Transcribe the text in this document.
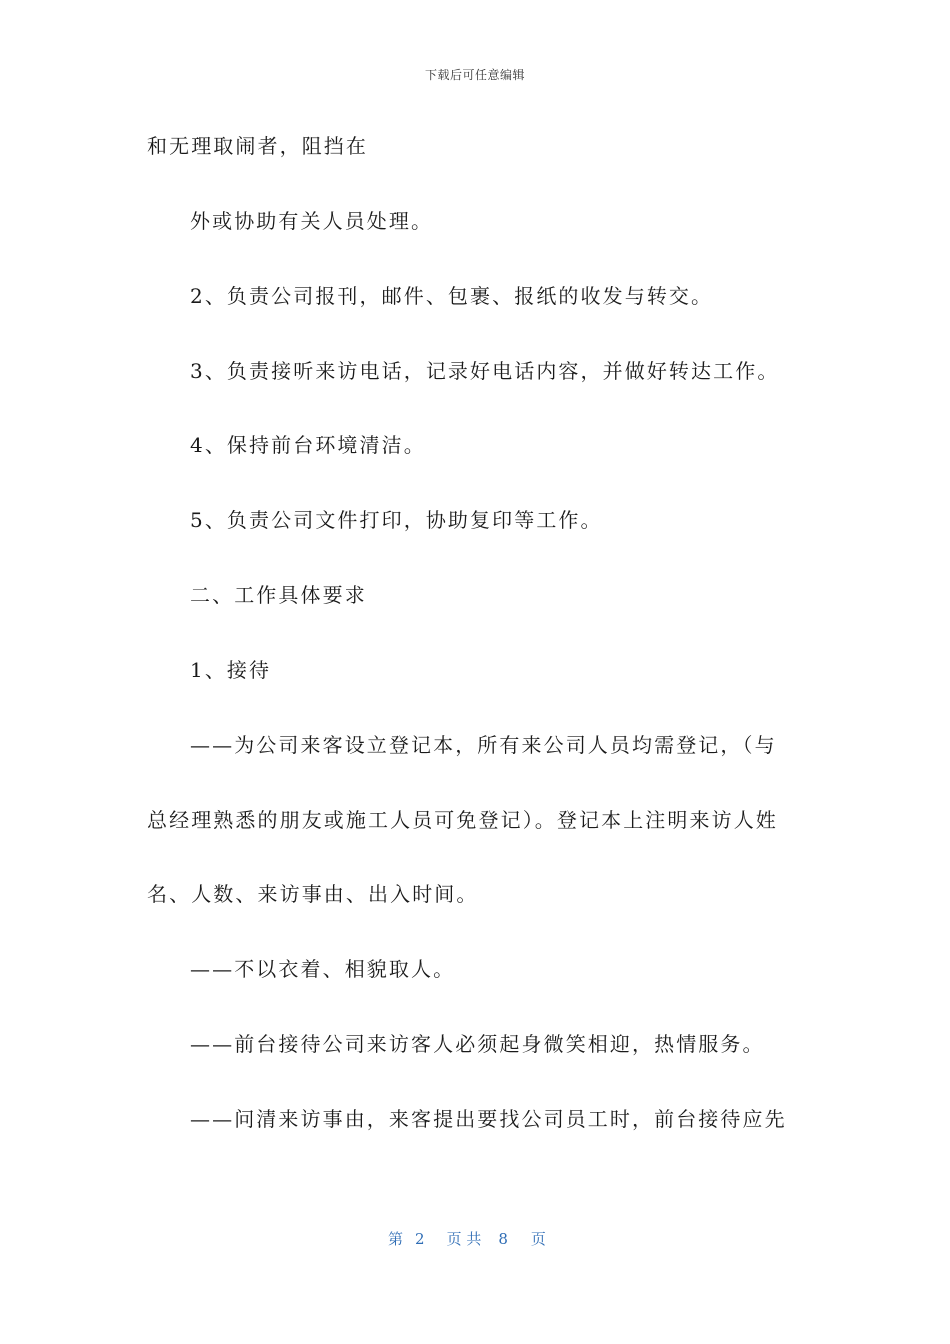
下载后可任意编辑
和无理取闹者，阻挡在
外或协助有关人员处理。
2、负责公司报刊，邮件、包裹、报纸的收发与转交。
3、负责接听来访电话，记录好电话内容，并做好转达工作。
4、保持前台环境清洁。
5、负责公司文件打印，协助复印等工作。
二、工作具体要求
1、接待
——为公司来客设立登记本，所有来公司人员均需登记，（与
总经理熟悉的朋友或施工人员可免登记）。登记本上注明来访人姓
名、人数、来访事由、出入时间。
——不以衣着、相貌取人。
——前台接待公司来访客人必须起身微笑相迎，热情服务。
——问清来访事由，来客提出要找公司员工时，前台接待应先
第 2 页 共 8 页
